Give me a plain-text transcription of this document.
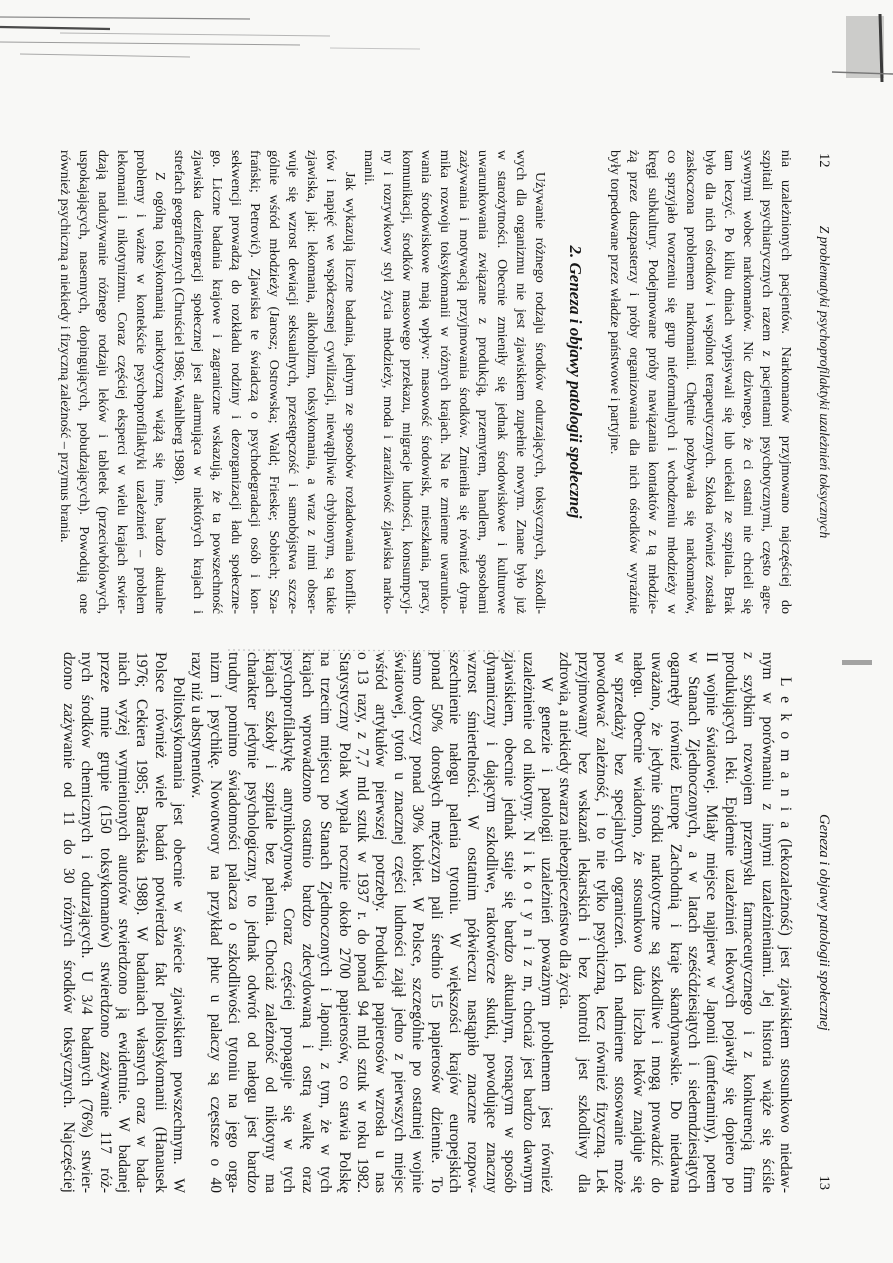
12
Z problematyki psychoprofilaktyki uzależnień toksycznych
nia uzależnionych pacjentów. Narkomanów przyjmowano najczęściej do
szpitali psychiatrycznych razem z pacjentami psychotycznymi, często agre-
sywnymi wobec narkomanów. Nic dziwnego, że ci ostatni nie chcieli się
tam leczyć. Po kilku dniach wypisywali się lub uciekali ze szpitala. Brak
było dla nich ośrodków i wspólnot terapeutycznych. Szkoła również została
zaskoczona problemem narkomanii. Chętnie pozbywała się narkomanów,
co sprzyjało tworzeniu się grup nieformalnych i wchodzeniu młodzieży w
kręgi subkultury. Podejmowane próby nawiązania kontaktów z tą młodzie-
żą przez duszpasterzy i próby organizowania dla nich ośrodków wyraźnie
były torpedowane przez władze państwowe i partyjne.
2. Geneza i objawy patologii społecznej
Używanie różnego rodzaju środków odurzających, toksycznych, szkodli-
wych dla organizmu nie jest zjawiskiem zupełnie nowym. Znane było już
w starożytności. Obecnie zmieniły się jednak środowiskowe i kulturowe
uwarunkowania związane z produkcją, przemytem, handlem, sposobami
zażywania i motywacją przyjmowania środków. Zmieniła się również dyna-
mika rozwoju toksykomanii w różnych krajach. Na te zmienne uwarunko-
wania środowiskowe mają wpływ: masowość środowisk, mieszkania, pracy,
komunikacji, środków masowego przekazu, migracje ludności, konsumpcyj-
ny i rozrywkowy styl życia młodzieży, moda i zaraźliwość zjawiska narko-
manii.
Jak wykazują liczne badania, jednym ze sposobów rozładowania konflik-
tów i napięć we współczesnej cywilizacji, niewątpliwie chybionym, są takie
zjawiska, jak: lekomania, alkoholizm, toksykomania, a wraz z nimi obser-
wuje się wzrost dewiacji seksualnych, przestępczość i samobójstwa szcze-
gólnie wśród młodzieży (Jarosz; Ostrowska; Wald; Frieske; Sobiech; Sza-
frański; Petrović). Zjawiska te świadczą o psychodegradacji osób i kon-
sekwencji prowadzą do rozkładu rodziny i dezorganizacji ładu społeczne-
go. Liczne badania krajowe i zagraniczne wskazują, że ta powszechność
zjawiska dezintegracji społecznej jest alarmująca w niektórych krajach i
strefach geograficznych (Chruściel 1986; Waahlberg 1988).
Z ogólną toksykomanią narkotyczną wiążą się inne, bardzo aktualne
problemy i ważne w kontekście psychoprofilaktyki uzależnień – problem
lekomanii i nikotynizmu. Coraz częściej eksperci w wielu krajach stwier-
dzają nadużywanie różnego rodzaju leków i tabletek (przeciwbólowych,
uspokajających, nasennych, dopingujących, pobudzających). Powodują one
również psychiczną a niekiedy i fizyczną zależność – przymus brania.
Geneza i objawy patologii społecznej
13
L e k o m a n i a (lekozależność) jest zjawiskiem stosunkowo niedaw-
nym w porównaniu z innymi uzależnieniami. Jej historia wiąże się ściśle
z szybkim rozwojem przemysłu farmaceutycznego i z konkurencją firm
produkujących leki. Epidemie uzależnień lekowych pojawiły się dopiero po
II wojnie światowej. Miały miejsce najpierw w Japonii (amfetaminy), potem
w Stanach Zjednoczonych, a w latach sześćdziesiątych i siedemdziesiątych
ogarnęły również Europę Zachodnią i kraje skandynawskie. Do niedawna
uważano, że jedynie środki narkotyczne są szkodliwe i mogą prowadzić do
nałogu. Obecnie wiadomo, że stosunkowo duża liczba leków znajduje się
w sprzedaży bez specjalnych ograniczeń. Ich nadmierne stosowanie może
powodować zależność, i to nie tylko psychiczną, lecz również fizyczną. Lek
przyjmowany bez wskazań lekarskich i bez kontroli jest szkodliwy dla
zdrowia, a niekiedy stwarza niebezpieczeństwo dla życia.
W genezie i patologii uzależnień poważnym problemem jest również
uzależnienie od nikotyny. N i k o t y n i z m, chociaż jest bardzo dawnym
zjawiskiem, obecnie jednak staje się bardzo aktualnym, rosnącym w sposób
dynamiczny i dającym szkodliwe, rakotwórcze skutki, powodujące znaczny
wzrost śmiertelności. W ostatnim półwieczu nastąpiło znaczne rozpow-
szechnienie nałogu palenia tytoniu. W większości krajów europejskich
ponad 50% dorosłych mężczyzn pali średnio 15 papierosów dziennie. To
samo dotyczy ponad 30% kobiet. W Polsce, szczególnie po ostatniej wojnie
światowej, tytoń u znacznej części ludności zajął jedno z pierwszych miejsc
wśród artykułów pierwszej potrzeby. Produkcja papierosów wzrosła u nas
o 13 razy, z 7,7 mld sztuk w 1937 r. do ponad 94 mld sztuk w roku 1982.
Statystyczny Polak wypala rocznie około 2700 papierosów, co stawia Polskę
na trzecim miejscu po Stanach Zjednoczonych i Japonii, z tym, że w tych
krajach wprowadzono ostatnio bardzo zdecydowaną i ostrą walkę oraz
psychoprofilaktykę antynikotynową. Coraz częściej propaguje się w tych
krajach szkoły i szpitale bez palenia. Chociaż zależność od nikotyny ma
charakter jedynie psychologiczny, to jednak odwrót od nałogu jest bardzo
trudny pomimo świadomości palacza o szkodliwości tytoniu na jego orga-
nizm i psychikę. Nowotwory na przykład płuc u palaczy są częstsze o 40
razy niż u abstynentów.
Politoksykomania jest obecnie w świecie zjawiskiem powszechnym. W
Polsce również wiele badań potwierdza fakt politoksykomanii (Hanausek
1976; Cekiera 1985; Barańska 1988). W badaniach własnych oraz w bada-
niach wyżej wymienionych autorów stwierdzono ją ewidentnie. W badanej
przeze mnie grupie (150 toksykomanów) stwierdzono zażywanie 117 róż-
nych środków chemicznych i odurzających. U 3/4 badanych (76%) stwier-
dzono zażywanie od 11 do 30 różnych środków toksycznych. Najczęściej
